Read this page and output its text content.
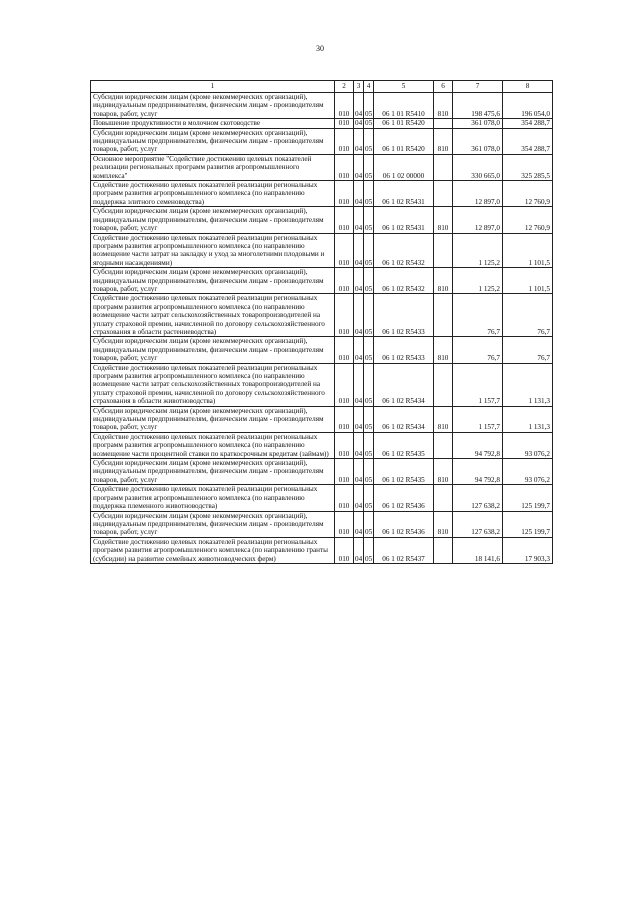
30
1	2	3	4	5	6	7	8
Субсидии юридическим лицам (кроме некоммерческих организаций), индивидуальным предпринимателям, физическим лицам - производителям товаров, работ, услуг	010	04	05	06 1 01 R5410	810	198 475,6	196 054,0
Повышение продуктивности в молочном скотоводстве	010	04	05	06 1 01 R5420		361 078,0	354 288,7
Субсидии юридическим лицам (кроме некоммерческих организаций), индивидуальным предпринимателям, физическим лицам - производителям товаров, работ, услуг	010	04	05	06 1 01 R5420	810	361 078,0	354 288,7
Основное мероприятие "Содействие достижению целевых показателей реализации региональных программ развития агропромышленного комплекса"	010	04	05	06 1 02 00000		330 665,0	325 285,5
Содействие достижению целевых показателей реализации региональных программ развития агропромышленного комплекса (по направлению поддержка элитного семеноводства)	010	04	05	06 1 02 R5431		12 897,0	12 760,9
Субсидии юридическим лицам (кроме некоммерческих организаций), индивидуальным предпринимателям, физическим лицам - производителям товаров, работ, услуг	010	04	05	06 1 02 R5431	810	12 897,0	12 760,9
Содействие достижению целевых показателей реализации региональных программ развития агропромышленного комплекса (по направлению возмещение части затрат на закладку и уход за многолетними плодовыми и ягодными насаждениями)	010	04	05	06 1 02 R5432		1 125,2	1 101,5
Субсидии юридическим лицам (кроме некоммерческих организаций), индивидуальным предпринимателям, физическим лицам - производителям товаров, работ, услуг	010	04	05	06 1 02 R5432	810	1 125,2	1 101,5
Содействие достижению целевых показателей реализации региональных программ развития агропромышленного комплекса (по направлению возмещение части затрат сельскохозяйственных товаропроизводителей на уплату страховой премии, начисленной по договору сельскохозяйственного страхования в области растениеводства)	010	04	05	06 1 02 R5433		76,7	76,7
Субсидии юридическим лицам (кроме некоммерческих организаций), индивидуальным предпринимателям, физическим лицам - производителям товаров, работ, услуг	010	04	05	06 1 02 R5433	810	76,7	76,7
Содействие достижению целевых показателей реализации региональных программ развития агропромышленного комплекса (по направлению возмещение части затрат сельскохозяйственных товаропроизводителей на уплату страховой премии, начисленной по договору сельскохозяйственного страхования в области животноводства)	010	04	05	06 1 02 R5434		1 157,7	1 131,3
Субсидии юридическим лицам (кроме некоммерческих организаций), индивидуальным предпринимателям, физическим лицам - производителям товаров, работ, услуг	010	04	05	06 1 02 R5434	810	1 157,7	1 131,3
Содействие достижению целевых показателей реализации региональных программ развития агропромышленного комплекса (по направлению возмещение части процентной ставки по краткосрочным кредитам (займам))	010	04	05	06 1 02 R5435		94 792,8	93 076,2
Субсидии юридическим лицам (кроме некоммерческих организаций), индивидуальным предпринимателям, физическим лицам - производителям товаров, работ, услуг	010	04	05	06 1 02 R5435	810	94 792,8	93 076,2
Содействие достижению целевых показателей реализации региональных программ развития агропромышленного комплекса (по направлению поддержка племенного животноводства)	010	04	05	06 1 02 R5436		127 638,2	125 199,7
Субсидии юридическим лицам (кроме некоммерческих организаций), индивидуальным предпринимателям, физическим лицам - производителям товаров, работ, услуг	010	04	05	06 1 02 R5436	810	127 638,2	125 199,7
Содействие достижению целевых показателей реализации региональных программ развития агропромышленного комплекса (по направлению гранты (субсидии) на развитие семейных животноводческих ферм)	010	04	05	06 1 02 R5437		18 141,6	17 903,3
